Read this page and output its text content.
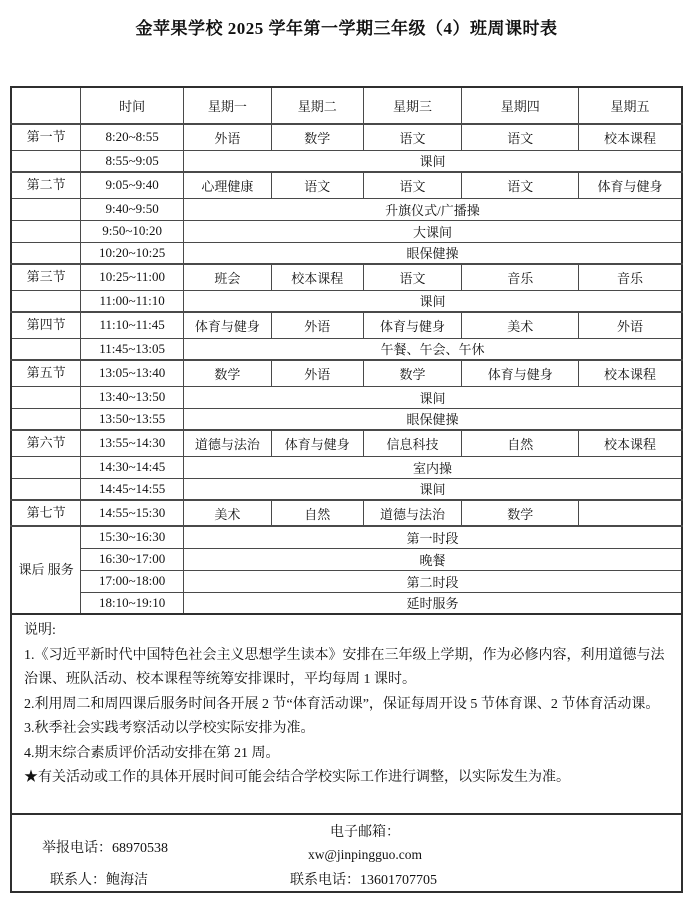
金苹果学校 2025 学年第一学期三年级（4）班周课时表
	时间	星期一	星期二	星期三	星期四	星期五
第一节	8:20~8:55	外语	数学	语文	语文	校本课程
	8:55~9:05	课间				
第二节	9:05~9:40	心理健康	语文	语文	语文	体育与健身
	9:40~9:50	升旗仪式/广播操				
	9:50~10:20	大课间				
	10:20~10:25	眼保健操				
第三节	10:25~11:00	班会	校本课程	语文	音乐	音乐
	11:00~11:10	课间				
第四节	11:10~11:45	体育与健身	外语	体育与健身	美术	外语
	11:45~13:05	午餐、午会、午休				
第五节	13:05~13:40	数学	外语	数学	体育与健身	校本课程
	13:40~13:50	课间				
	13:50~13:55	眼保健操				
第六节	13:55~14:30	道德与法治	体育与健身	信息科技	自然	校本课程
	14:30~14:45	室内操				
	14:45~14:55	课间				
第七节	14:55~15:30	美术	自然	道德与法治	数学	
课后 服务	15:30~16:30	第一时段				
	16:30~17:00	晚餐				
	17:00~18:00	第二时段				
	18:10~19:10	延时服务				

说明:
1.《习近平新时代中国特色社会主义思想学生读本》安排在三年级上学期，作为必修内容，利用道德与法治课、班队活动、校本课程等统筹安排课时，平均每周 1 课时。
2.利用周二和周四课后服务时间各开展 2 节“体育活动课”，保证每周开设 5 节体育课、2 节体育活动课。
3.秋季社会实践考察活动以学校实际安排为准。
4.期末综合素质评价活动安排在第 21 周。
★有关活动或工作的具体开展时间可能会结合学校实际工作进行调整，以实际发生为准。

举报电话：68970538
电子邮箱：
xw@jinpingguo.com
联系人：鲍海洁 联系电话：13601707705						
